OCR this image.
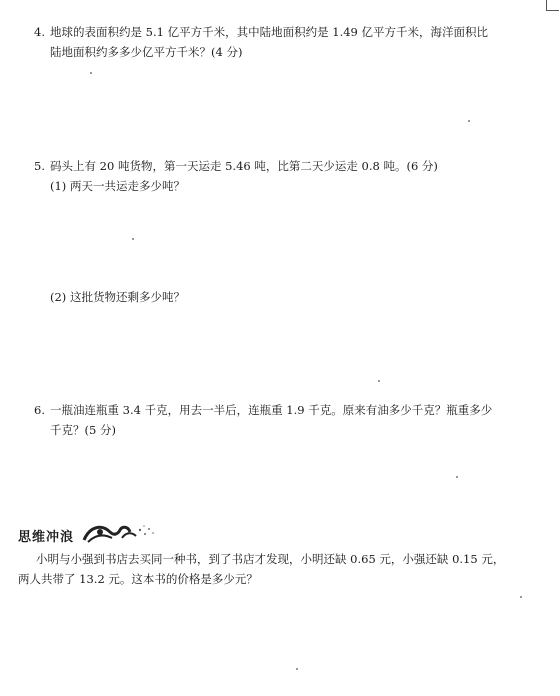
4. 地球的表面积约是 5.1 亿平方千米，其中陆地面积约是 1.49 亿平方千米，海洋面积比
陆地面积约多多少亿平方千米？(4 分)
5. 码头上有 20 吨货物，第一天运走 5.46 吨，比第二天少运走 0.8 吨。(6 分)
(1) 两天一共运走多少吨？
(2) 这批货物还剩多少吨？
6. 一瓶油连瓶重 3.4 千克，用去一半后，连瓶重 1.9 千克。原来有油多少千克？瓶重多少
千克？(5 分)
思维冲浪
小明与小强到书店去买同一种书，到了书店才发现，小明还缺 0.65 元，小强还缺 0.15 元，
两人共带了 13.2 元。这本书的价格是多少元？
